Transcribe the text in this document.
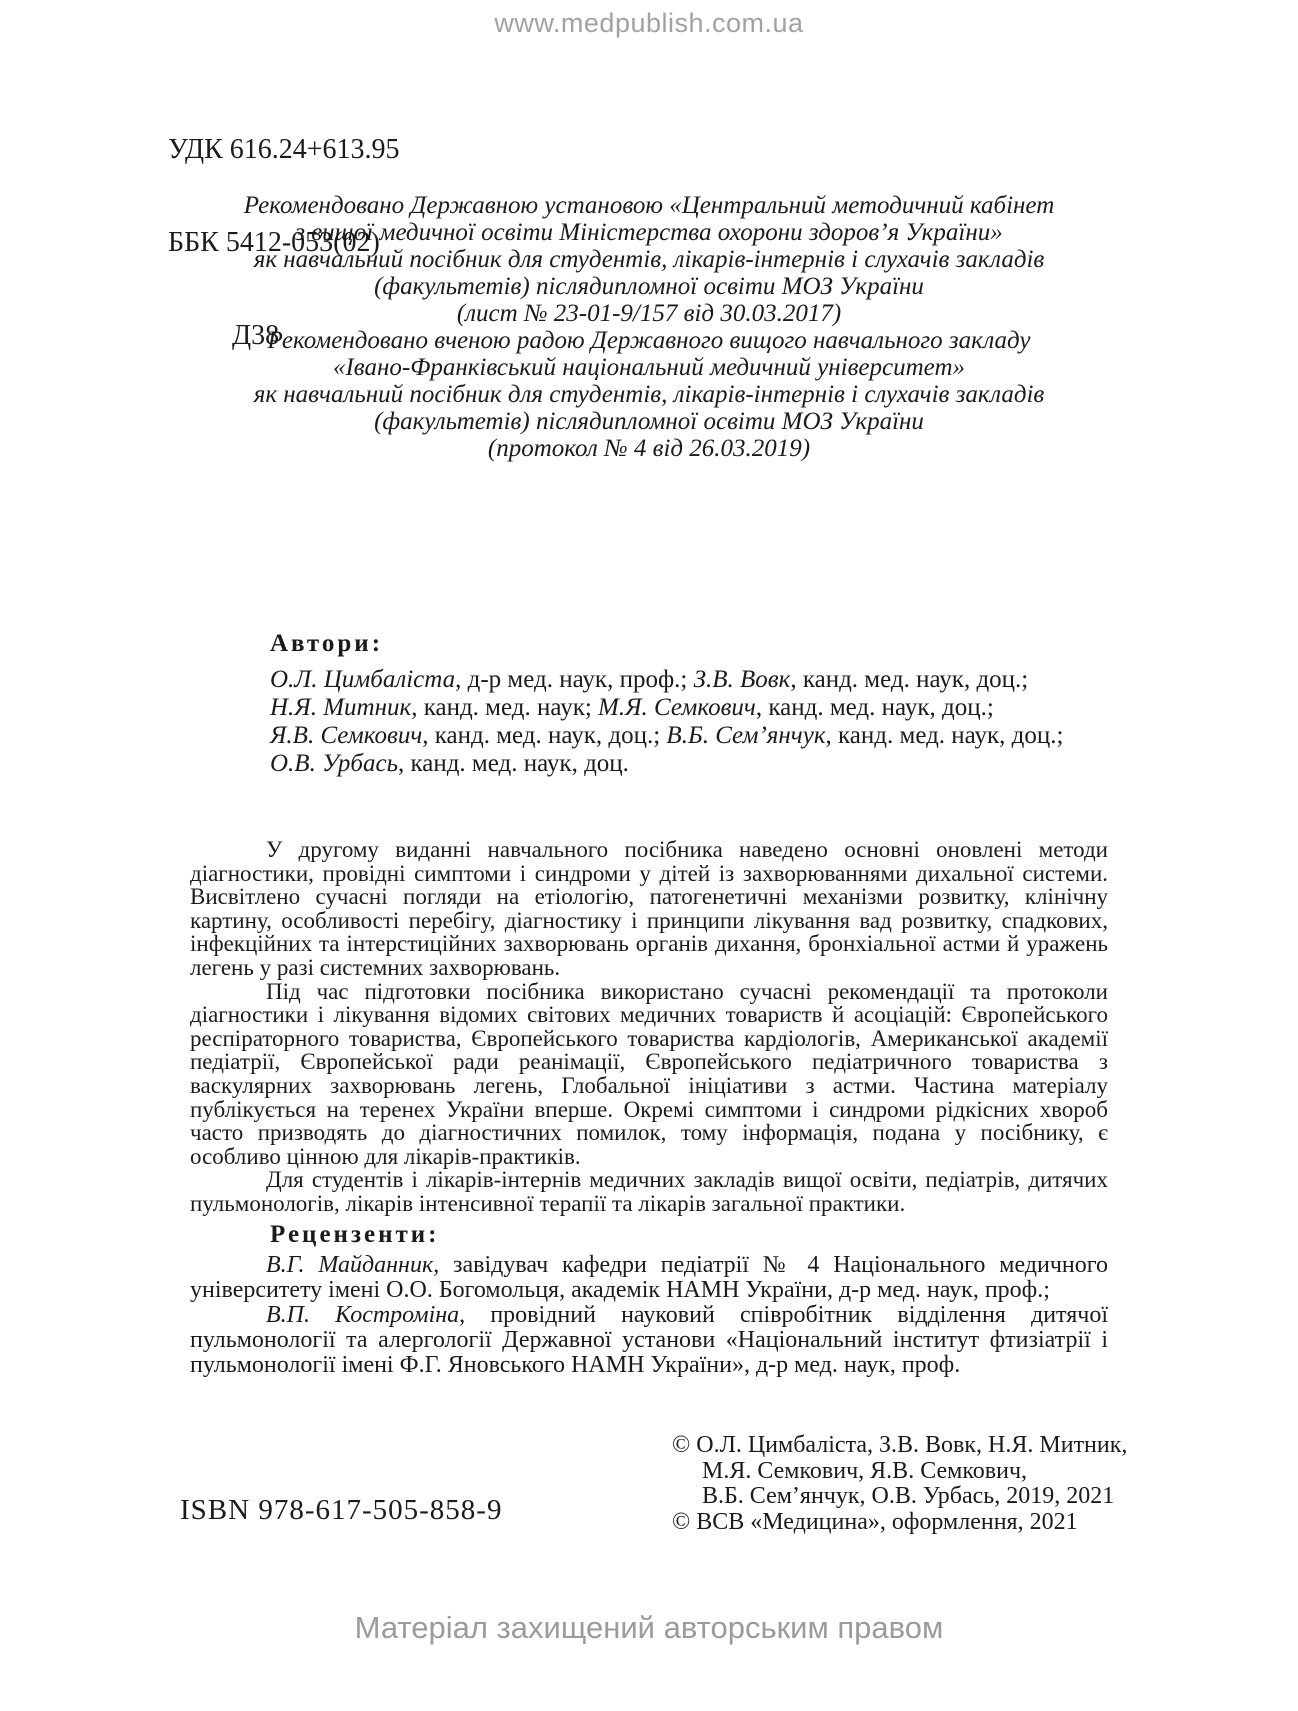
www.medpublish.com.ua

УДК 616.24+613.95

ББК 5412-053(02)

Д38

Рекомендовано Державною установою «Центральний методичний кабінет
з вищої медичної освіти Міністерства охорони здоров’я України»
як навчальний посібник для студентів, лікарів-інтернів і слухачів закладів
(факультетів) післядипломної освіти МОЗ України
(лист № 23-01-9/157 від 30.03.2017)
Рекомендовано вченою радою Державного вищого навчального закладу
«Івано-Франківський національний медичний університет»
як навчальний посібник для студентів, лікарів-інтернів і слухачів закладів
(факультетів) післядипломної освіти МОЗ України
(протокол № 4 від 26.03.2019)
Автори:
О.Л. Цимбаліста, д-р мед. наук, проф.; З.В. Вовк, канд. мед. наук, доц.;
Н.Я. Митник, канд. мед. наук; М.Я. Семкович, канд. мед. наук, доц.;
Я.В. Семкович, канд. мед. наук, доц.; В.Б. Сем’янчук, канд. мед. наук, доц.;
О.В. Урбась, канд. мед. наук, доц.

У другому виданні навчального посібника наведено основні оновлені методи діагностики, провідні симптоми і синдроми у дітей із захворюваннями дихальної системи. Висвітлено сучасні погляди на етіологію, патогенетичні механізми розвитку, клінічну картину, особливості перебігу, діагностику і принципи лікування вад розвитку, спадкових, інфекційних та інтерстиційних захворювань органів дихання, бронхіальної астми й уражень легень у разі системних захворювань.

Під час підготовки посібника використано сучасні рекомендації та протоколи діагностики і лікування відомих світових медичних товариств й асоціацій: Європейського респіраторного товариства, Європейського товариства кардіологів, Американської академії педіатрії, Європейської ради реанімації, Європейського педіатричного товариства з васкулярних захворювань легень, Глобальної ініціативи з астми. Частина матеріалу публікується на теренех України вперше. Окремі симптоми і синдроми рідкісних хвороб часто призводять до діагностичних помилок, тому інформація, подана у посібнику, є особливо цінною для лікарів-практиків.

Для студентів і лікарів-інтернів медичних закладів вищої освіти, педіатрів, дитячих пульмонологів, лікарів інтенсивної терапії та лікарів загальної практики.

Рецензенти:

В.Г. Майданник, завідувач кафедри педіатрії № 4 Національного медичного університету імені О.О. Богомольця, академік НАМН України, д-р мед. наук, проф.;

В.П. Костроміна, провідний науковий співробітник відділення дитячої пульмонології та алергології Державної установи «Національний інститут фтизіатрії і пульмонології імені Ф.Г. Яновського НАМН України», д-р мед. наук, проф.

© О.Л. Цимбаліста, З.В. Вовк, Н.Я. Митник,
М.Я. Семкович, Я.В. Семкович,
В.Б. Сем’янчук, О.В. Урбась, 2019, 2021
© ВСВ «Медицина», оформлення, 2021
ISBN 978-617-505-858-9
Матеріал захищений авторським правом
